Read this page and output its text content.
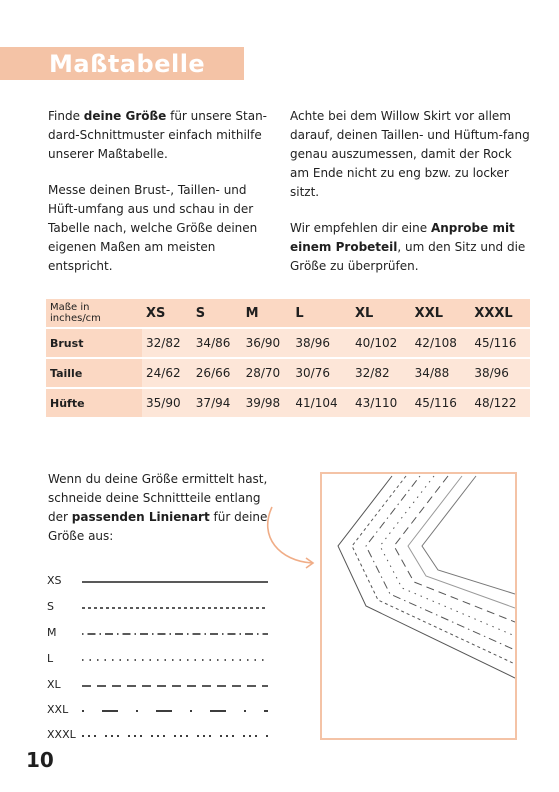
Maßtabelle

Finde deine Größe für unsere Stan-dard-Schnittmuster einfach mithilfe unserer Maßtabelle.

Messe deinen Brust-, Taillen- und Hüft-umfang aus und schau in der Tabelle nach, welche Größe deinen eigenen Maßen am meisten entspricht.

Achte bei dem Willow Skirt vor allem darauf, deinen Taillen- und Hüftum-fang genau auszumessen, damit der Rock am Ende nicht zu eng bzw. zu locker sitzt.

Wir empfehlen dir eine Anprobe mit einem Probeteil, um den Sitz und die Größe zu überprüfen.

Maße in inches/cm	XS	S	M	L	XL	XXL	XXXL
Brust	32/82	34/86	36/90	38/96	40/102	42/108	45/116
Taille	24/62	26/66	28/70	30/76	32/82	34/88	38/96
Hüfte	35/90	37/94	39/98	41/104	43/110	45/116	48/122

Wenn du deine Größe ermittelt hast, schneide deine Schnittteile entlang der passenden Linienart für deine Größe aus:

XS
S
M
L
XL
XXL
XXXL
10
